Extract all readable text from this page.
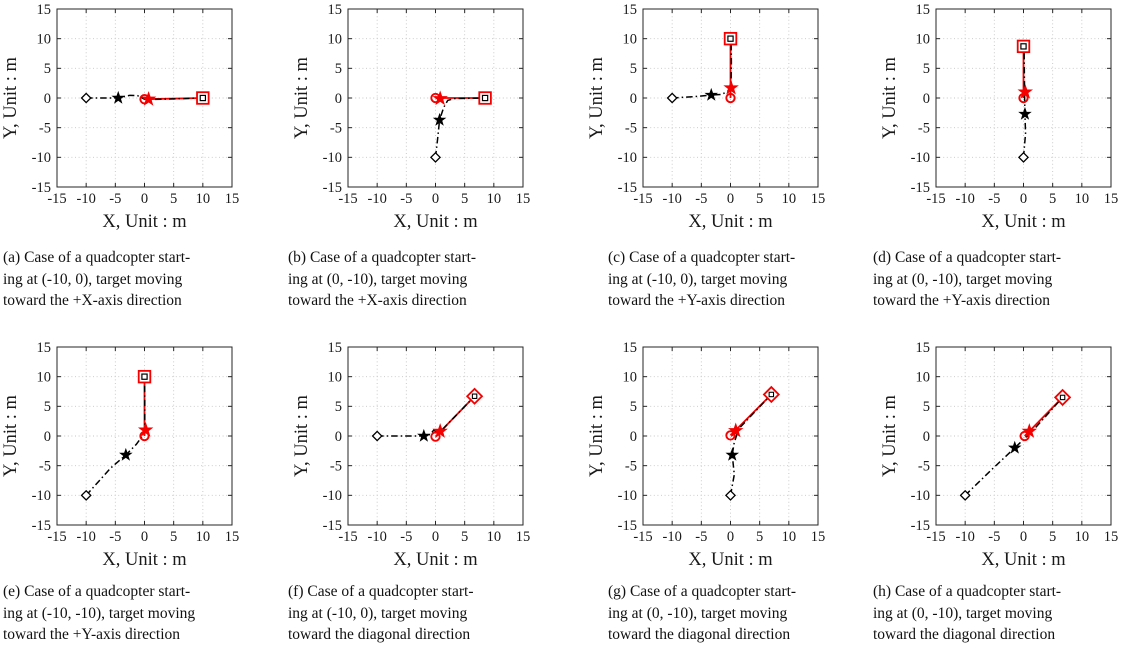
-15
-15
-10
-10
-5
-5
0
0
5
5
10
10
15
15
X, Unit : m
Y, Unit : m
(a) Case of a quadcopter start-
ing at (-10, 0), target moving
toward the +X-axis direction
-15
-15
-10
-10
-5
-5
0
0
5
5
10
10
15
15
X, Unit : m
Y, Unit : m
(b) Case of a quadcopter start-
ing at (0, -10), target moving
toward the +X-axis direction
-15
-15
-10
-10
-5
-5
0
0
5
5
10
10
15
15
X, Unit : m
Y, Unit : m
(c) Case of a quadcopter start-
ing at (-10, 0), target moving
toward the +Y-axis direction
-15
-15
-10
-10
-5
-5
0
0
5
5
10
10
15
15
X, Unit : m
Y, Unit : m
(d) Case of a quadcopter start-
ing at (0, -10), target moving
toward the +Y-axis direction
-15
-15
-10
-10
-5
-5
0
0
5
5
10
10
15
15
X, Unit : m
Y, Unit : m
(e) Case of a quadcopter start-
ing at (-10, -10), target moving
toward the +Y-axis direction
-15
-15
-10
-10
-5
-5
0
0
5
5
10
10
15
15
X, Unit : m
Y, Unit : m
(f) Case of a quadcopter start-
ing at (-10, 0), target moving
toward the diagonal direction
-15
-15
-10
-10
-5
-5
0
0
5
5
10
10
15
15
X, Unit : m
Y, Unit : m
(g) Case of a quadcopter start-
ing at (0, -10), target moving
toward the diagonal direction
-15
-15
-10
-10
-5
-5
0
0
5
5
10
10
15
15
X, Unit : m
Y, Unit : m
(h) Case of a quadcopter start-
ing at (0, -10), target moving
toward the diagonal direction
